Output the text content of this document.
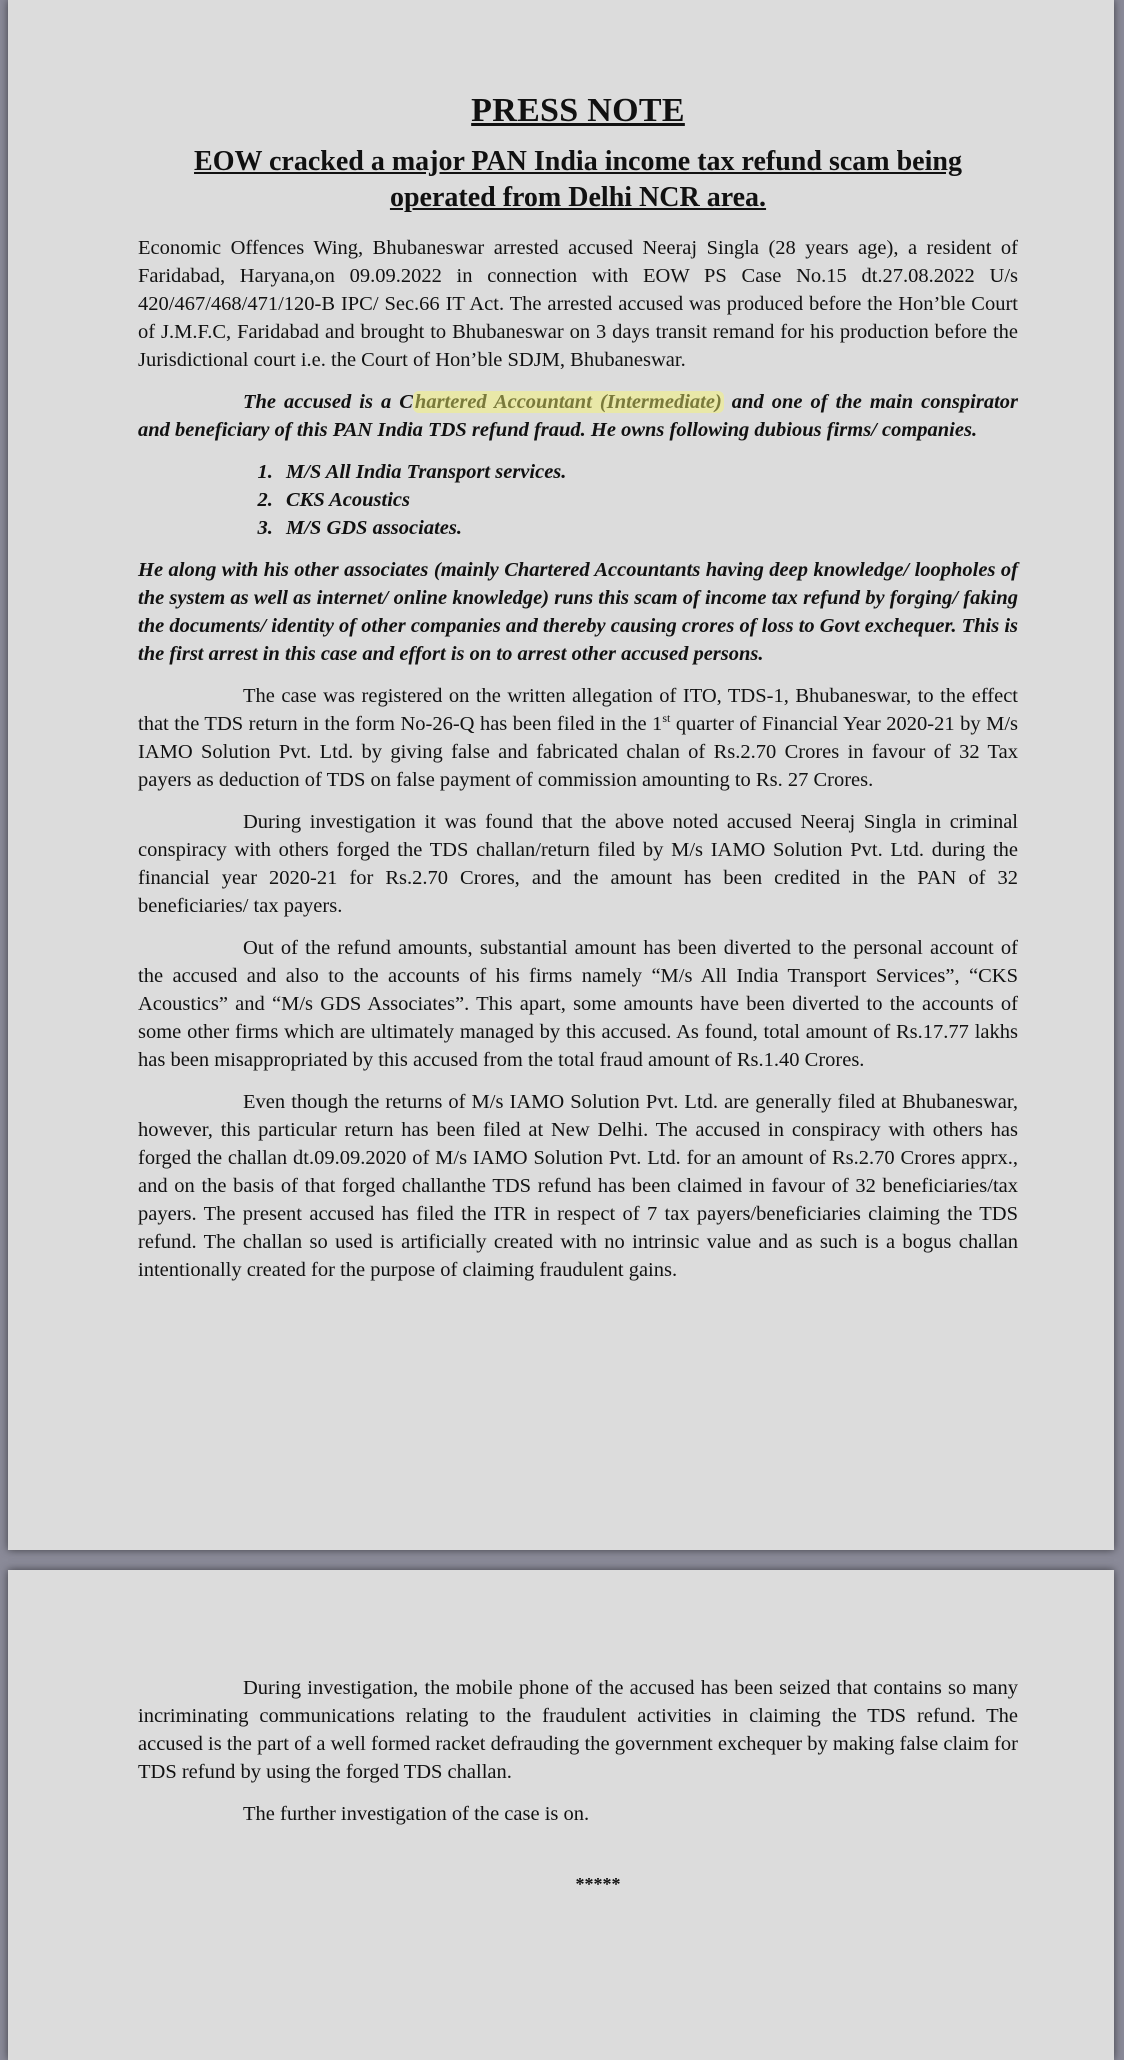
PRESS NOTE
EOW cracked a major PAN India income tax refund scam being operated from Delhi NCR area.

Economic Offences Wing, Bhubaneswar arrested accused Neeraj Singla (28 years age), a resident of Faridabad, Haryana,on 09.09.2022 in connection with EOW PS Case No.15 dt.27.08.2022 U/s 420/467/468/471/120-B IPC/ Sec.66 IT Act. The arrested accused was produced before the Hon’ble Court of J.M.F.C, Faridabad and brought to Bhubaneswar on 3 days transit remand for his production before the Jurisdictional court i.e. the Court of Hon’ble SDJM, Bhubaneswar.

The accused is a Chartered Accountant (Intermediate) and one of the main conspirator and beneficiary of this PAN India TDS refund fraud. He owns following dubious firms/ companies.

1. M/S All India Transport services.
2. CKS Acoustics
3. M/S GDS associates.

He along with his other associates (mainly Chartered Accountants having deep knowledge/ loopholes of the system as well as internet/ online knowledge) runs this scam of income tax refund by forging/ faking the documents/ identity of other companies and thereby causing crores of loss to Govt exchequer. This is the first arrest in this case and effort is on to arrest other accused persons.

The case was registered on the written allegation of ITO, TDS-1, Bhubaneswar, to the effect that the TDS return in the form No-26-Q has been filed in the 1st quarter of Financial Year 2020-21 by M/s IAMO Solution Pvt. Ltd. by giving false and fabricated chalan of Rs.2.70 Crores in favour of 32 Tax payers as deduction of TDS on false payment of commission amounting to Rs. 27 Crores.

During investigation it was found that the above noted accused Neeraj Singla in criminal conspiracy with others forged the TDS challan/return filed by M/s IAMO Solution Pvt. Ltd. during the financial year 2020-21 for Rs.2.70 Crores, and the amount has been credited in the PAN of 32 beneficiaries/ tax payers.

Out of the refund amounts, substantial amount has been diverted to the personal account of the accused and also to the accounts of his firms namely “M/s All India Transport Services”, “CKS Acoustics” and “M/s GDS Associates”. This apart, some amounts have been diverted to the accounts of some other firms which are ultimately managed by this accused. As found, total amount of Rs.17.77 lakhs has been misappropriated by this accused from the total fraud amount of Rs.1.40 Crores.

Even though the returns of M/s IAMO Solution Pvt. Ltd. are generally filed at Bhubaneswar, however, this particular return has been filed at New Delhi. The accused in conspiracy with others has forged the challan dt.09.09.2020 of M/s IAMO Solution Pvt. Ltd. for an amount of Rs.2.70 Crores apprx., and on the basis of that forged challanthe TDS refund has been claimed in favour of 32 beneficiaries/tax payers. The present accused has filed the ITR in respect of 7 tax payers/beneficiaries claiming the TDS refund. The challan so used is artificially created with no intrinsic value and as such is a bogus challan intentionally created for the purpose of claiming fraudulent gains.

During investigation, the mobile phone of the accused has been seized that contains so many incriminating communications relating to the fraudulent activities in claiming the TDS refund. The accused is the part of a well formed racket defrauding the government exchequer by making false claim for TDS refund by using the forged TDS challan.

The further investigation of the case is on.

*****
